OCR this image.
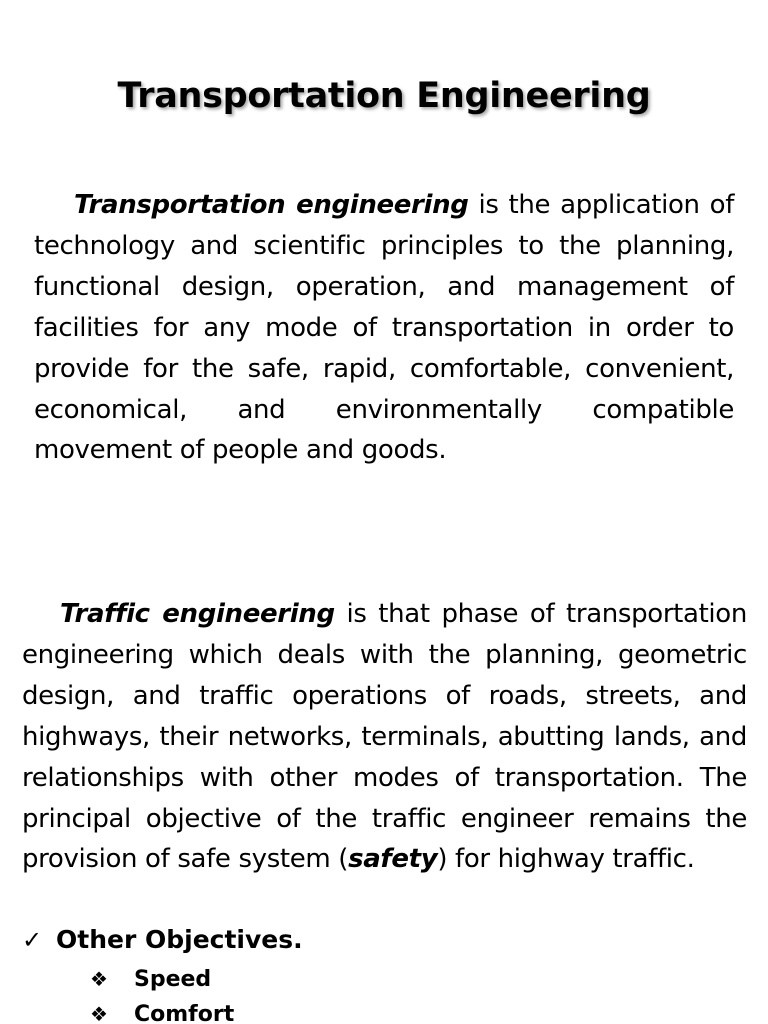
Transportation Engineering
Transportation engineering is the application of technology and scientific principles to the planning, functional design, operation, and management of facilities for any mode of transportation in order to provide for the safe, rapid, comfortable, convenient, economical, and environmentally compatible movement of people and goods.
Traffic engineering is that phase of transportation engineering which deals with the planning, geometric design, and traffic operations of roads, streets, and highways, their networks, terminals, abutting lands, and relationships with other modes of transportation. The principal objective of the traffic engineer remains the provision of safe system (safety) for highway traffic.
✓ Other Objectives.
❖ Speed
❖ Comfort
